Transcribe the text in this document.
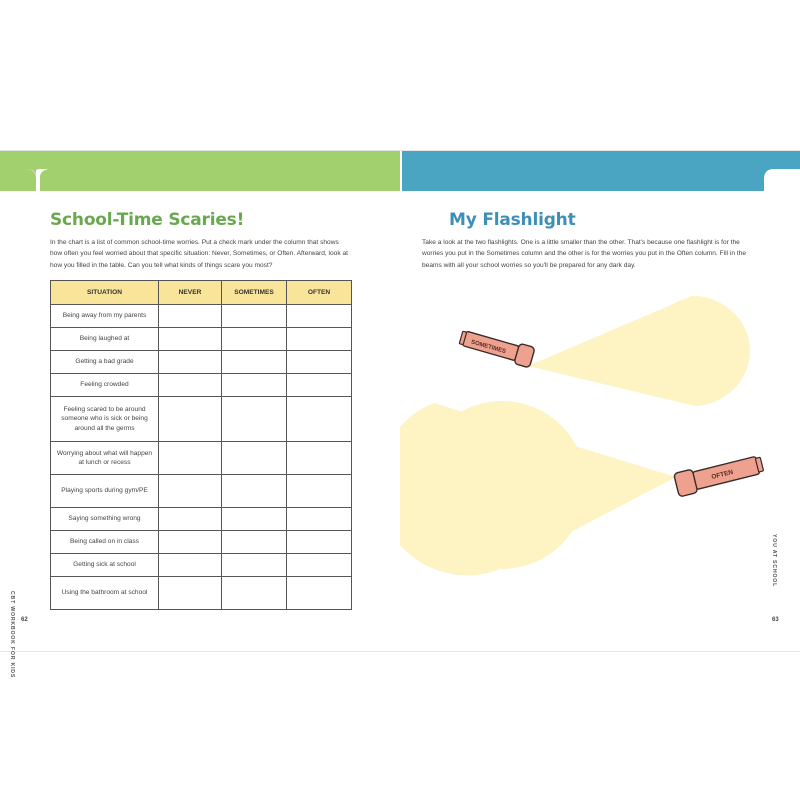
School-Time Scaries!

In the chart is a list of common school-time worries. Put a check mark under the column that shows how often you feel worried about that specific situation: Never, Sometimes, or Often. Afterward, look at how you filled in the table. Can you tell what kinds of things scare you most?

SITUATION	NEVER	SOMETIMES	OFTEN
Being away from my parents			
Being laughed at			
Getting a bad grade			
Feeling crowded			
Feeling scared to be around someone who is sick or being around all the germs			
Worrying about what will happen at lunch or recess			
Playing sports during gym/PE			
Saying something wrong			
Being called on in class			
Getting sick at school			
Using the bathroom at school			
CBT WORKBOOK FOR KIDS 62
My Flashlight

Take a look at the two flashlights. One is a little smaller than the other. That's because one flashlight is for the worries you put in the Sometimes column and the other is for the worries you put in the Often column. Fill in the beams with all your school worries so you'll be prepared for any dark day.

SOMETIMES
OFTEN
YOU AT SCHOOL
63
